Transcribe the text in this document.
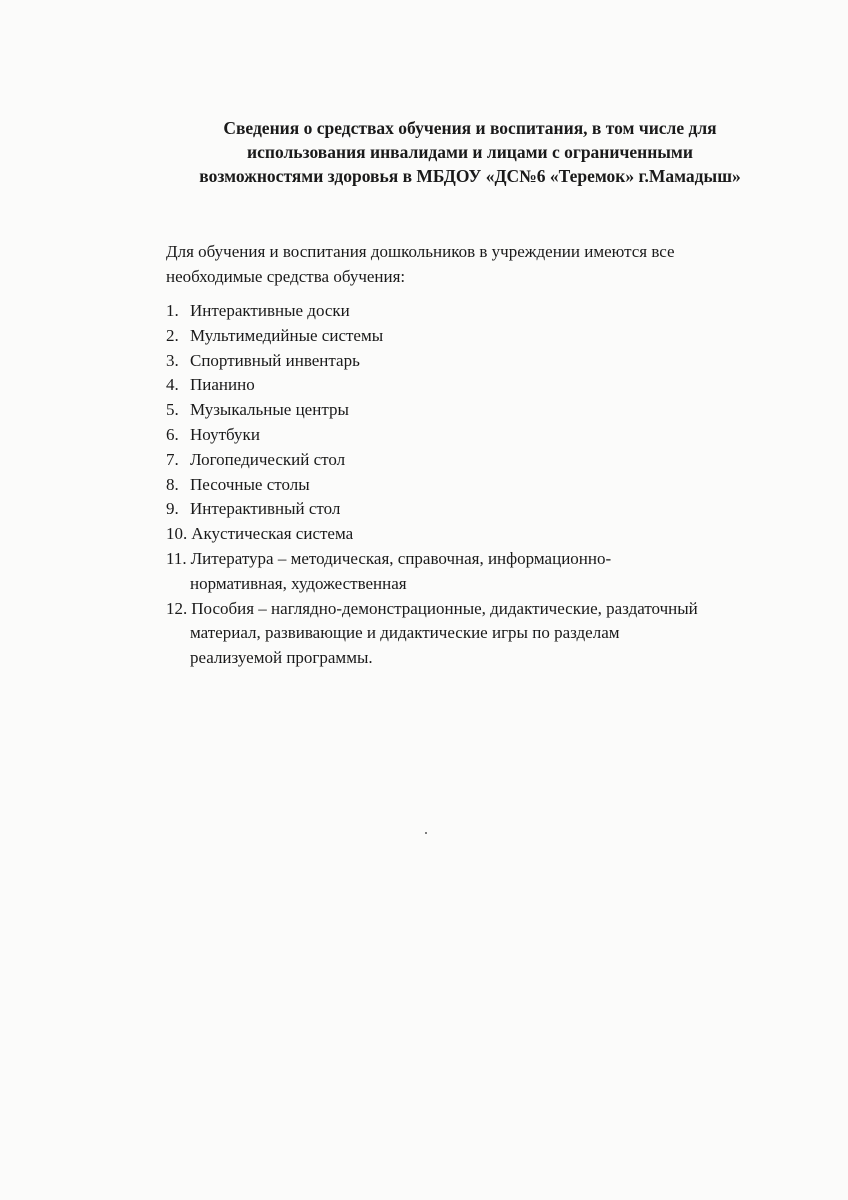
Сведения о средствах обучения и воспитания, в том числе для
использования инвалидами и лицами с ограниченными
возможностями здоровья в МБДОУ «ДС№6 «Теремок» г.Мамадыш»
Для обучения и воспитания дошкольников в учреждении имеются все
необходимые средства обучения:
1. Интерактивные доски
2. Мультимедийные системы
3. Спортивный инвентарь
4. Пианино
5. Музыкальные центры
6. Ноутбуки
7. Логопедический стол
8. Песочные столы
9. Интерактивный стол
10. Акустическая система
11. Литература – методическая, справочная, информационно-
нормативная, художественная
12. Пособия – наглядно-демонстрационные, дидактические, раздаточный
материал, развивающие и дидактические игры по разделам
реализуемой программы.
